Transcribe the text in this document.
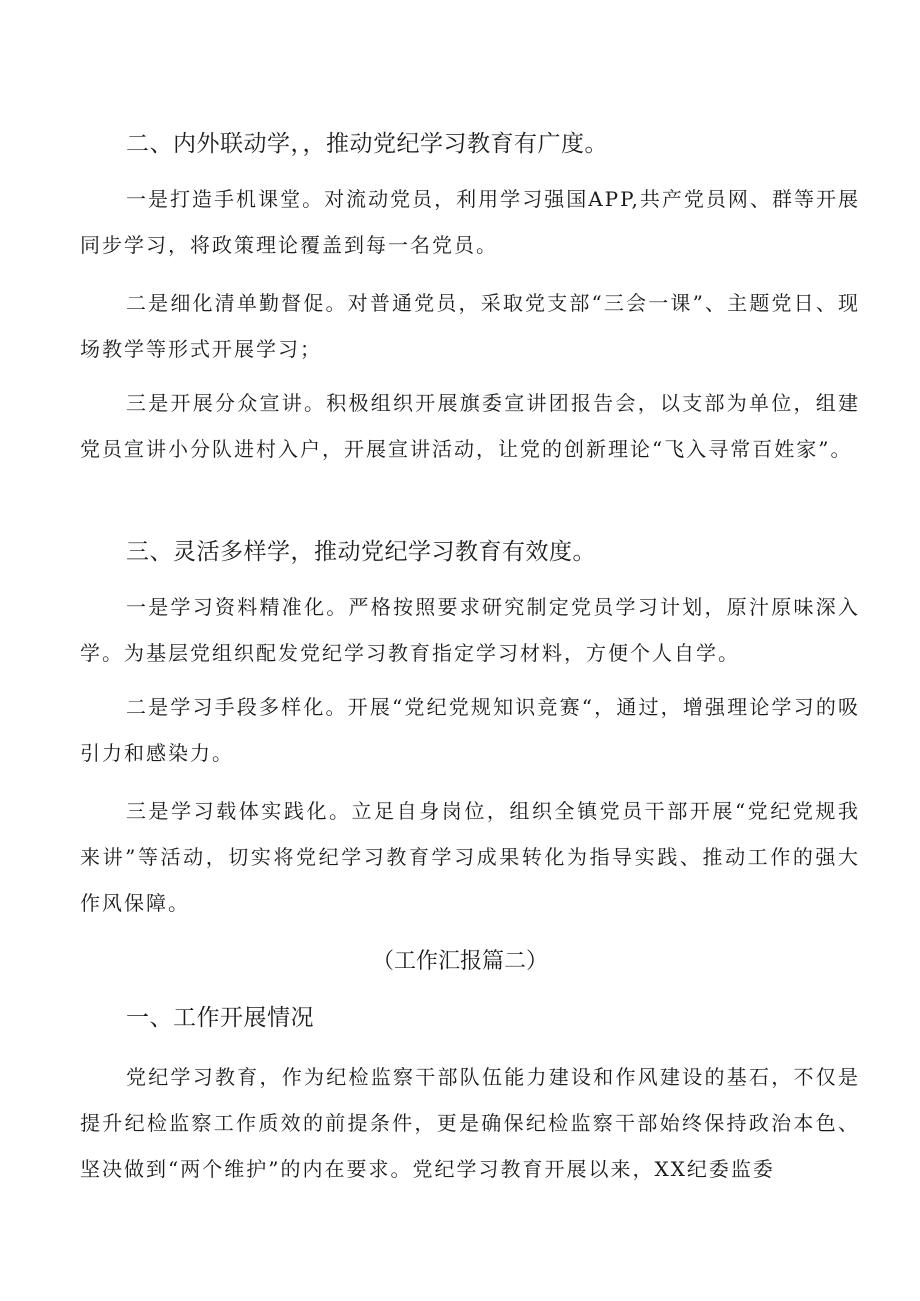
二、内外联动学，，推动党纪学习教育有广度。

一是打造手机课堂。对流动党员，利用学习强国APP,共产党员网、群等开展同步学习，将政策理论覆盖到每一名党员。

二是细化清单勤督促。对普通党员，采取党支部“三会一课”、主题党日、现场教学等形式开展学习；

三是开展分众宣讲。积极组织开展旗委宣讲团报告会，以支部为单位，组建党员宣讲小分队进村入户，开展宣讲活动，让党的创新理论“飞入寻常百姓家”。

三、灵活多样学，推动党纪学习教育有效度。

一是学习资料精准化。严格按照要求研究制定党员学习计划，原汁原味深入学。为基层党组织配发党纪学习教育指定学习材料，方便个人自学。

二是学习手段多样化。开展“党纪党规知识竞赛“，通过，增强理论学习的吸引力和感染力。

三是学习载体实践化。立足自身岗位，组织全镇党员干部开展“党纪党规我来讲”等活动，切实将党纪学习教育学习成果转化为指导实践、推动工作的强大作风保障。

（工作汇报篇二）

一、工作开展情况

党纪学习教育，作为纪检监察干部队伍能力建设和作风建设的基石，不仅是提升纪检监察工作质效的前提条件，更是确保纪检监察干部始终保持政治本色、坚决做到“两个维护”的内在要求。党纪学习教育开展以来，XX纪委监委
